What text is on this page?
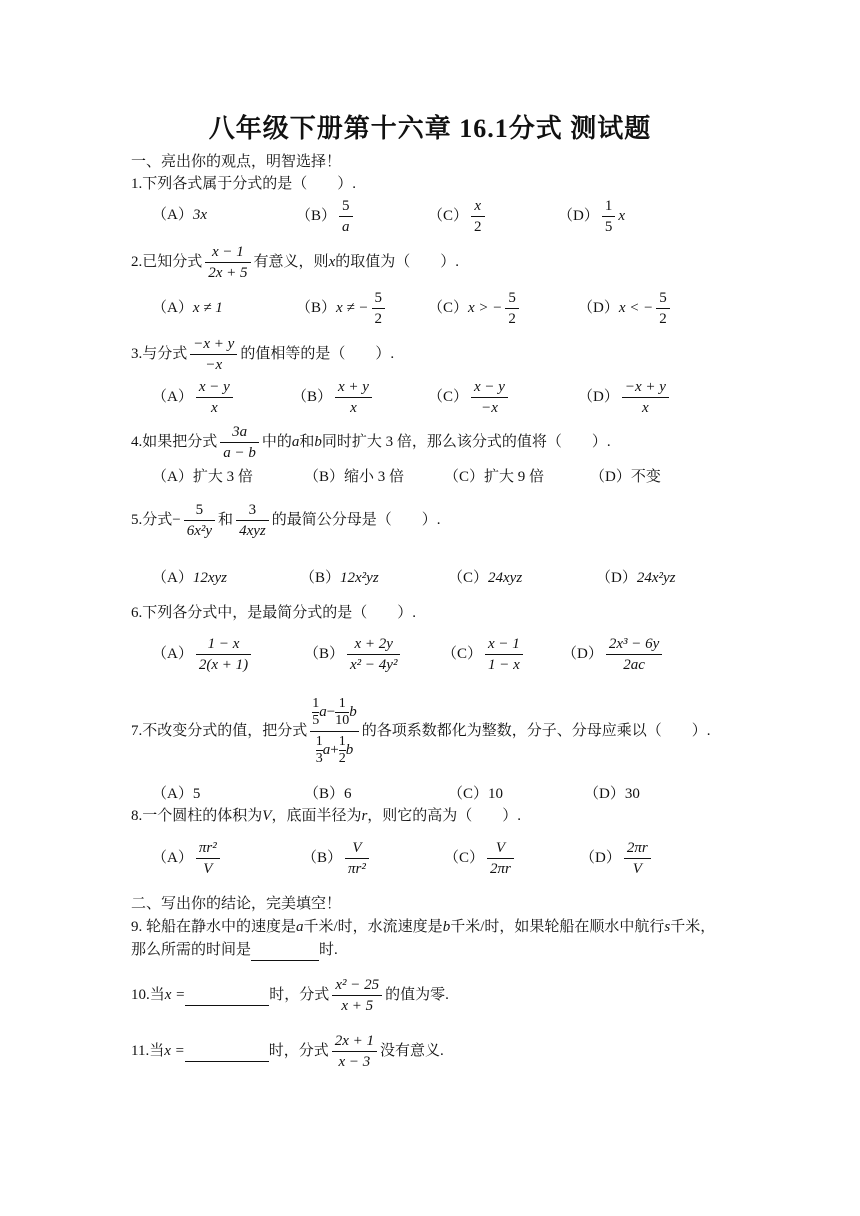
八年级下册第十六章 16.1分式 测试题
一、亮出你的观点，明智选择！
1.下列各式属于分式的是（　　）.
（A）3x	$(B) \frac{5}{a}$	$(C) \frac{x}{2}$	$(D) \frac{1}{5}$ x
2.已知分式 $\frac{x - 1}{2x + 5}$ 有意义，则x的取值为（　　）.
（A）x ≠ 1	（B）x ≠ − $\frac{5}{2}$	（C）x > − $\frac{5}{2}$	（D）x < − $\frac{5}{2}$
3.与分式 $\frac{-x + y}{-x}$ 的值相等的是（　　）.
$(A) \frac{x - y}{x}$	$(B) \frac{x + y}{x}$	$(C) \frac{x - y}{-x}$	$(D) \frac{-x + y}{x}$
4.如果把分式 $\frac{3a}{a - b}$ 中的a和b同时扩大 3 倍，那么该分式的值将（　　）.
（A）扩大 3 倍	（B）缩小 3 倍	（C）扩大 9 倍	（D）不变
5.分式− $\frac{5}{\text{6x²y}}$ 和 $\frac{3}{\text{4xyz}}$ 的最简公分母是（　　）.
（A）12xyz	（B）12x²yz	（C）24xyz	（D）24x²yz
6.下列各分式中，是最简分式的是（　　）.
$(A) \frac{1 - x}{2(x + 1)}$	$(B) \frac{x + 2y}{\text{x² − 4y²}}$	$(C) \frac{x - 1}{1 - x}$	$(D) \frac{\text{2x³ − 6y}}{2ac}$
7.不改变分式的值，把分式 $\frac{\frac{1}{5} a- \frac{1}{10} b}{\frac{1}{3} a+ \frac{1}{2} b}$ 的各项系数都化为整数，分子、分母应乘以（　　）.
（A）5	（B）6	（C）10	（D）30
8.一个圆柱的体积为V，底面半径为r，则它的高为（　　）.
$(A) \frac{\text{πr²}}{V}$	$(B) \frac{V}{\text{πr²}}$	$(C) \frac{V}{2\pi r}$	$(D) \frac{2\pi r}{V}$
二、写出你的结论，完美填空！
9. 轮船在静水中的速度是a千米/时，水流速度是b千米/时，如果轮船在顺水中航行s千米，
那么所需的时间是	时.
10.当x =	时，分式 $\frac{\text{x² − 25}}{x + 5}$ 的值为零.
11.当x =	时，分式 $\frac{2x + 1}{x - 3}$ 没有意义.
